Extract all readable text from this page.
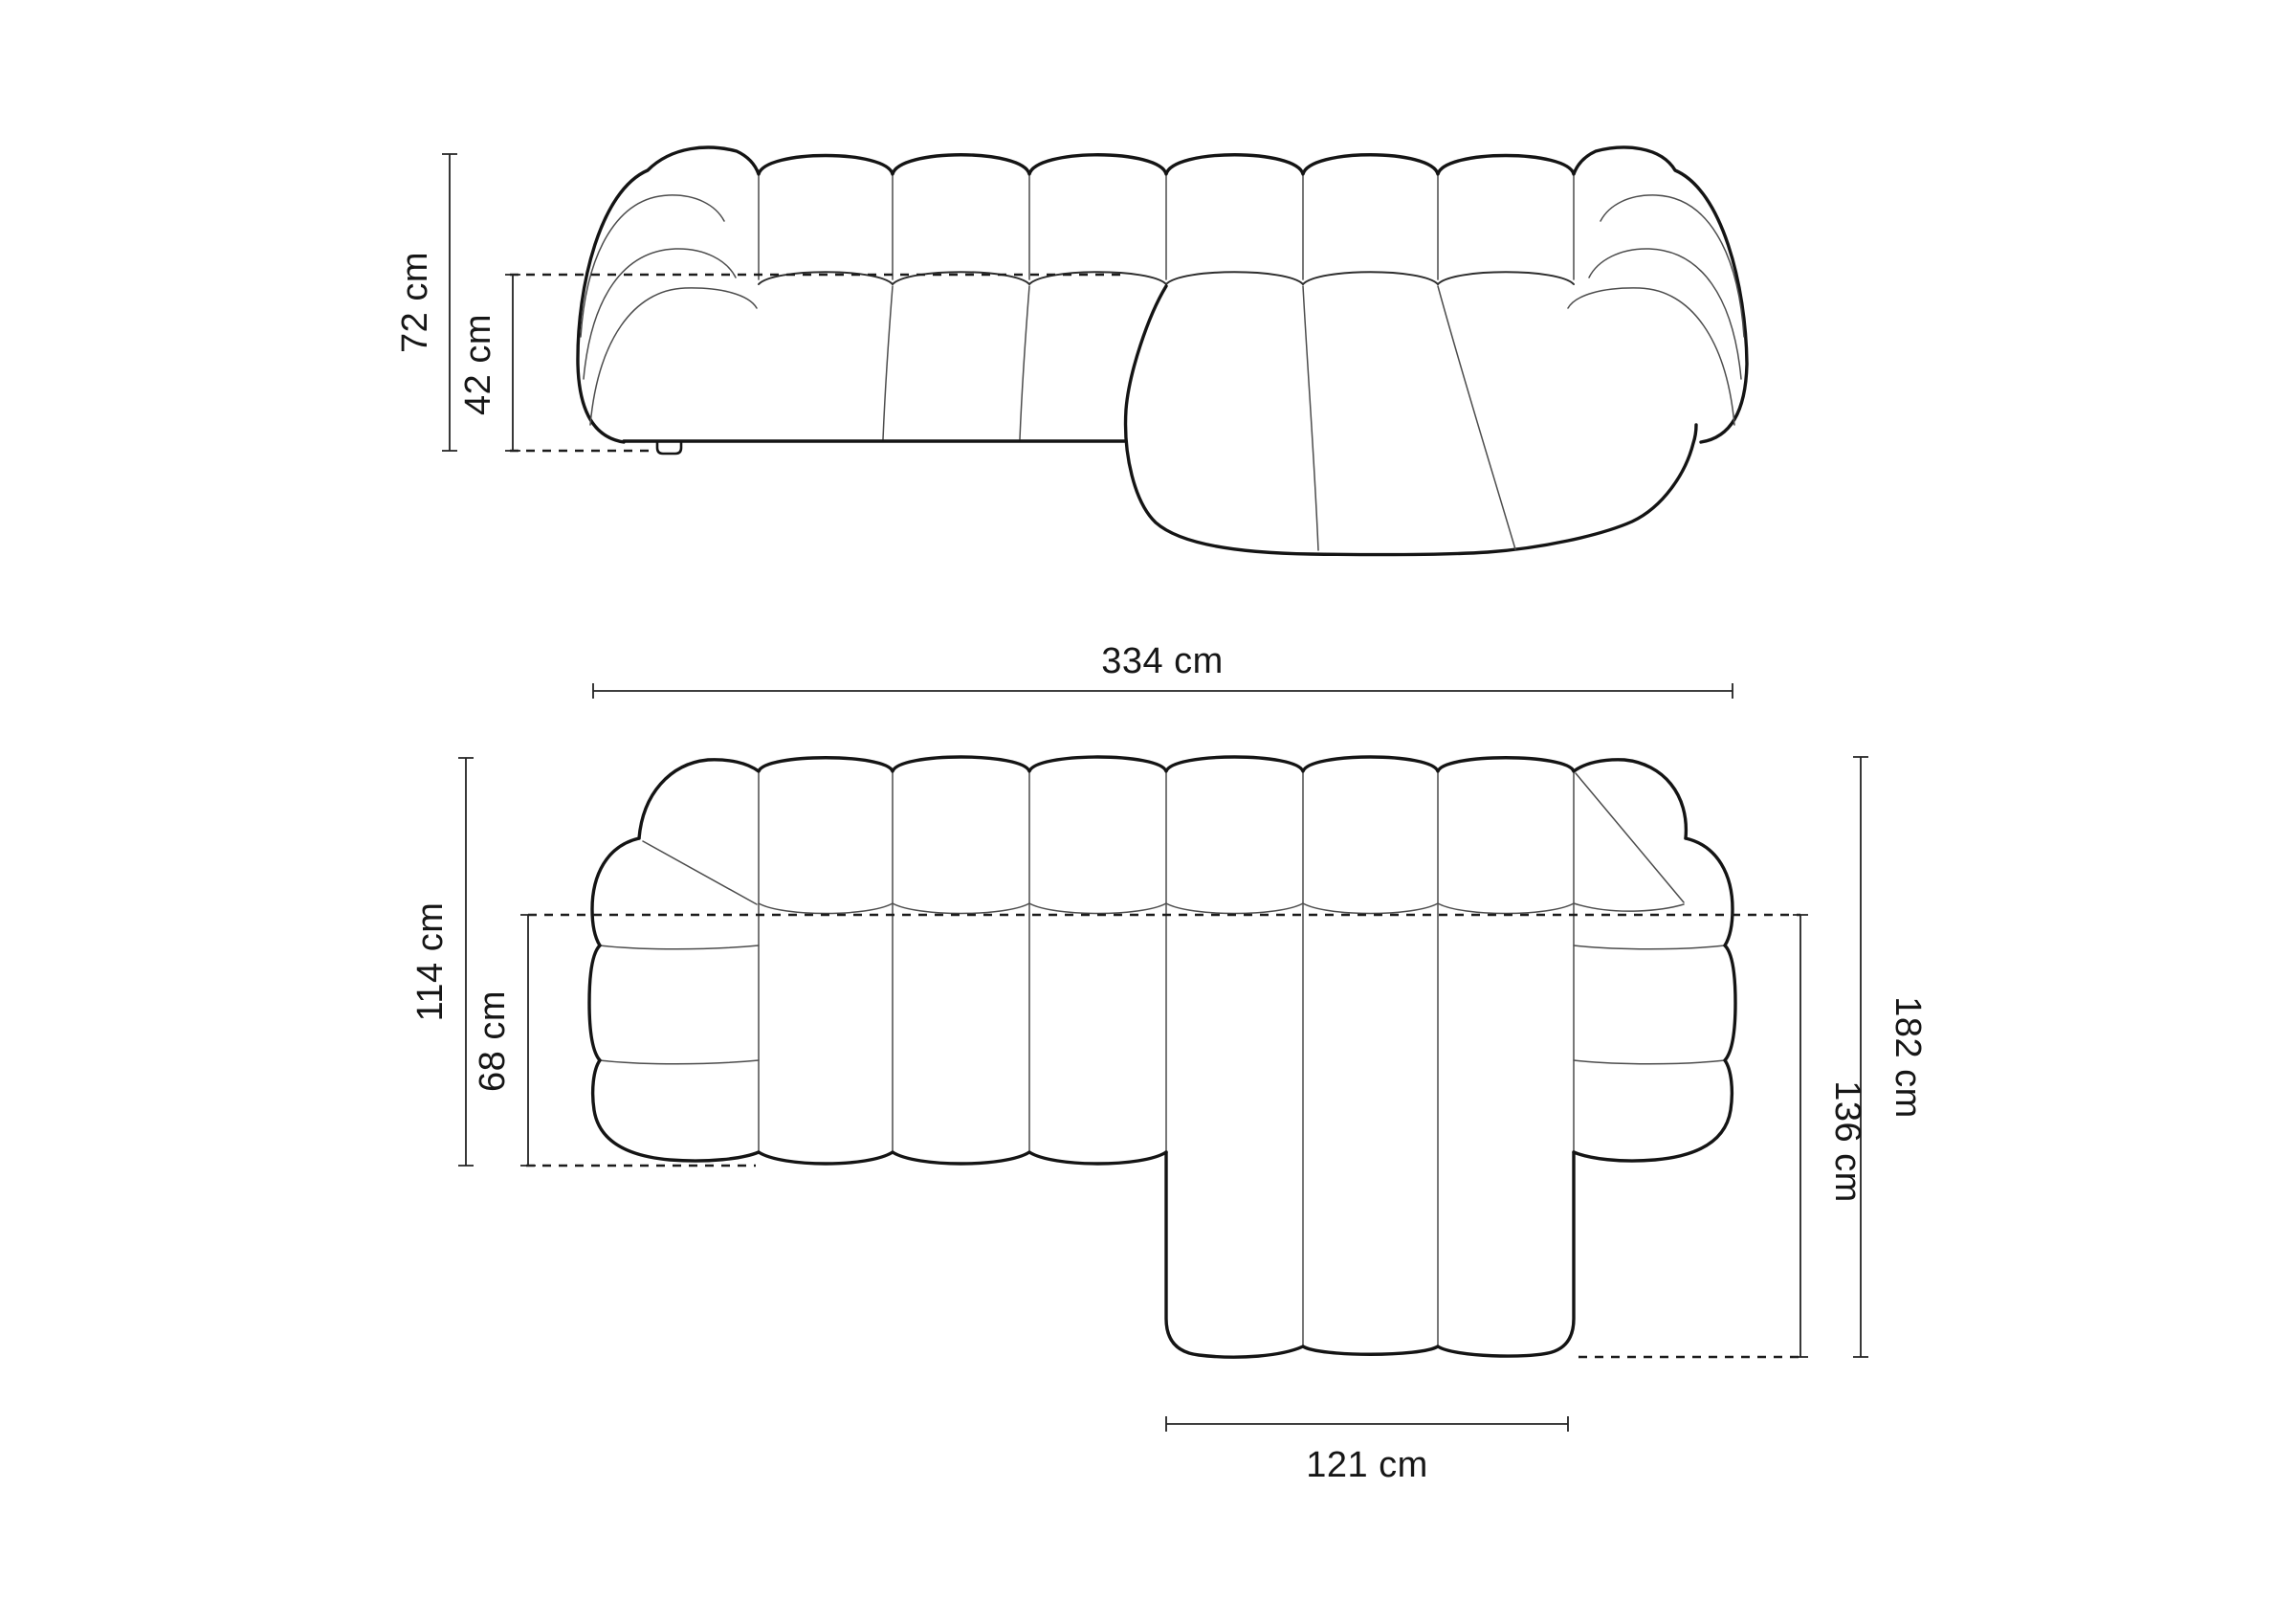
72 cm
42 cm
334 cm
114 cm
68 cm	182 cm
136 cm
121 cm
